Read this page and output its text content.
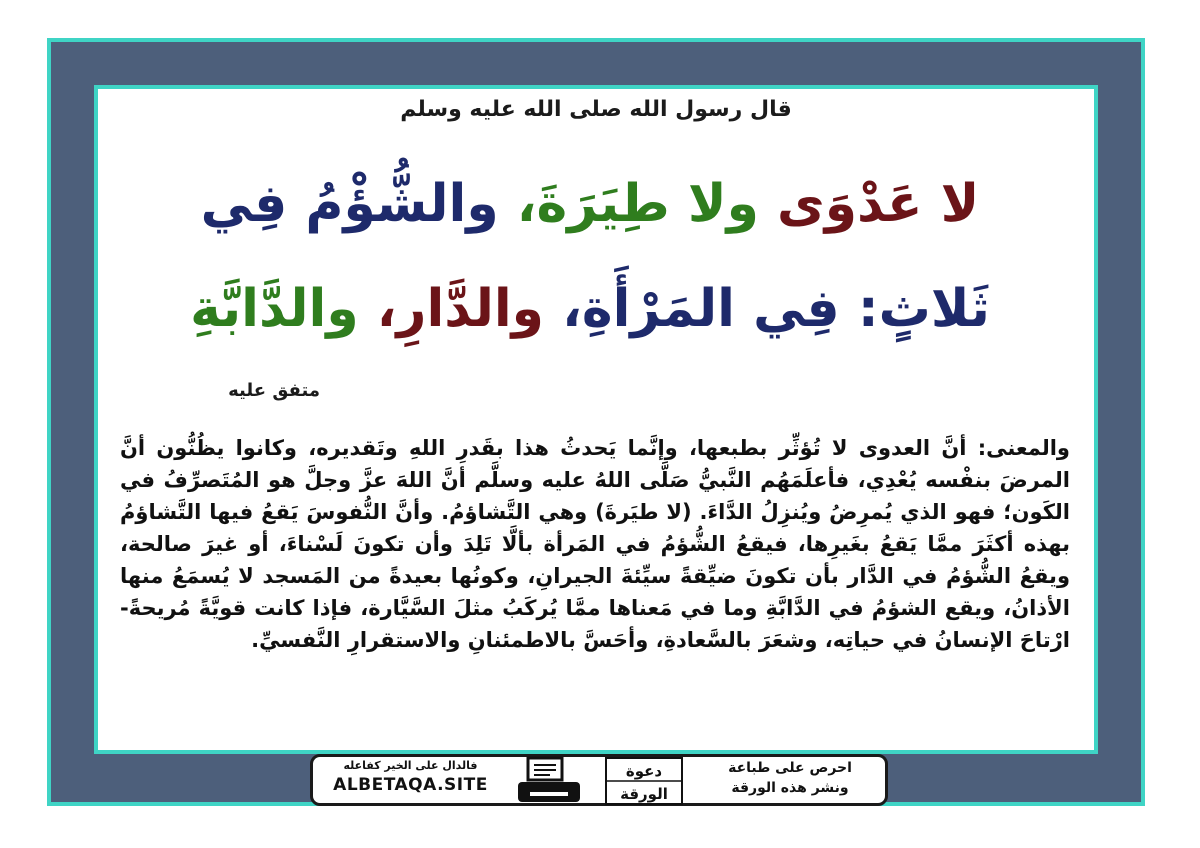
قال رسول الله صلى الله عليه وسلم
لا عَدْوَى ولا طِيَرَةَ، والشُّؤْمُ فِي
ثَلاثٍ: فِي المَرْأَةِ، والدَّارِ، والدَّابَّةِ
متفق عليه
والمعنى: أنَّ العدوى لا تُؤثِّر بطبعها، وإنَّما يَحدثُ هذا بقَدرِ اللهِ وتَقديره، وكانوا يظُنُّون أنَّ المرضَ بنفْسه يُعْدِي، فأعلَمَهُم النَّبيُّ صَلَّى اللهُ عليه وسلَّم أنَّ اللهَ عزَّ وجلَّ هو المُتَصرِّفُ في الكَون؛ فهو الذي يُمرِضُ ويُنزِلُ الدَّاءَ. (لا طيَرةَ) وهي التَّشاؤمُ. وأنَّ النُّفوسَ يَقعُ فيها التَّشاؤمُ بهذه أكثَرَ ممَّا يَقعُ بغَيرِها، فيقعُ الشُّؤمُ في المَرأة بألَّا تَلِدَ وأن تكونَ لَسْناءَ، أو غيرَ صالحة، ويقعُ الشُّؤمُ في الدَّار بأن تكونَ ضيِّقةً سيِّئةَ الجيرانِ، وكونُها بعيدةً من المَسجد لا يُسمَعُ منها الأذانُ، ويقع الشؤمُ في الدَّابَّةِ وما في مَعناها ممَّا يُركَبُ مثلَ السَّيَّارة، فإذا كانت قويَّةً مُريحةً- ارْتاحَ الإنسانُ في حياتِه، وشعَرَ بالسَّعادةِ، وأحَسَّ بالاطمئنانِ والاستقرارِ النَّفسيِّ.
فالدال على الخير كفاعله
ALBETAQA.SITE
دعوة
الورقة
احرص على طباعة
ونشر هذه الورقة
